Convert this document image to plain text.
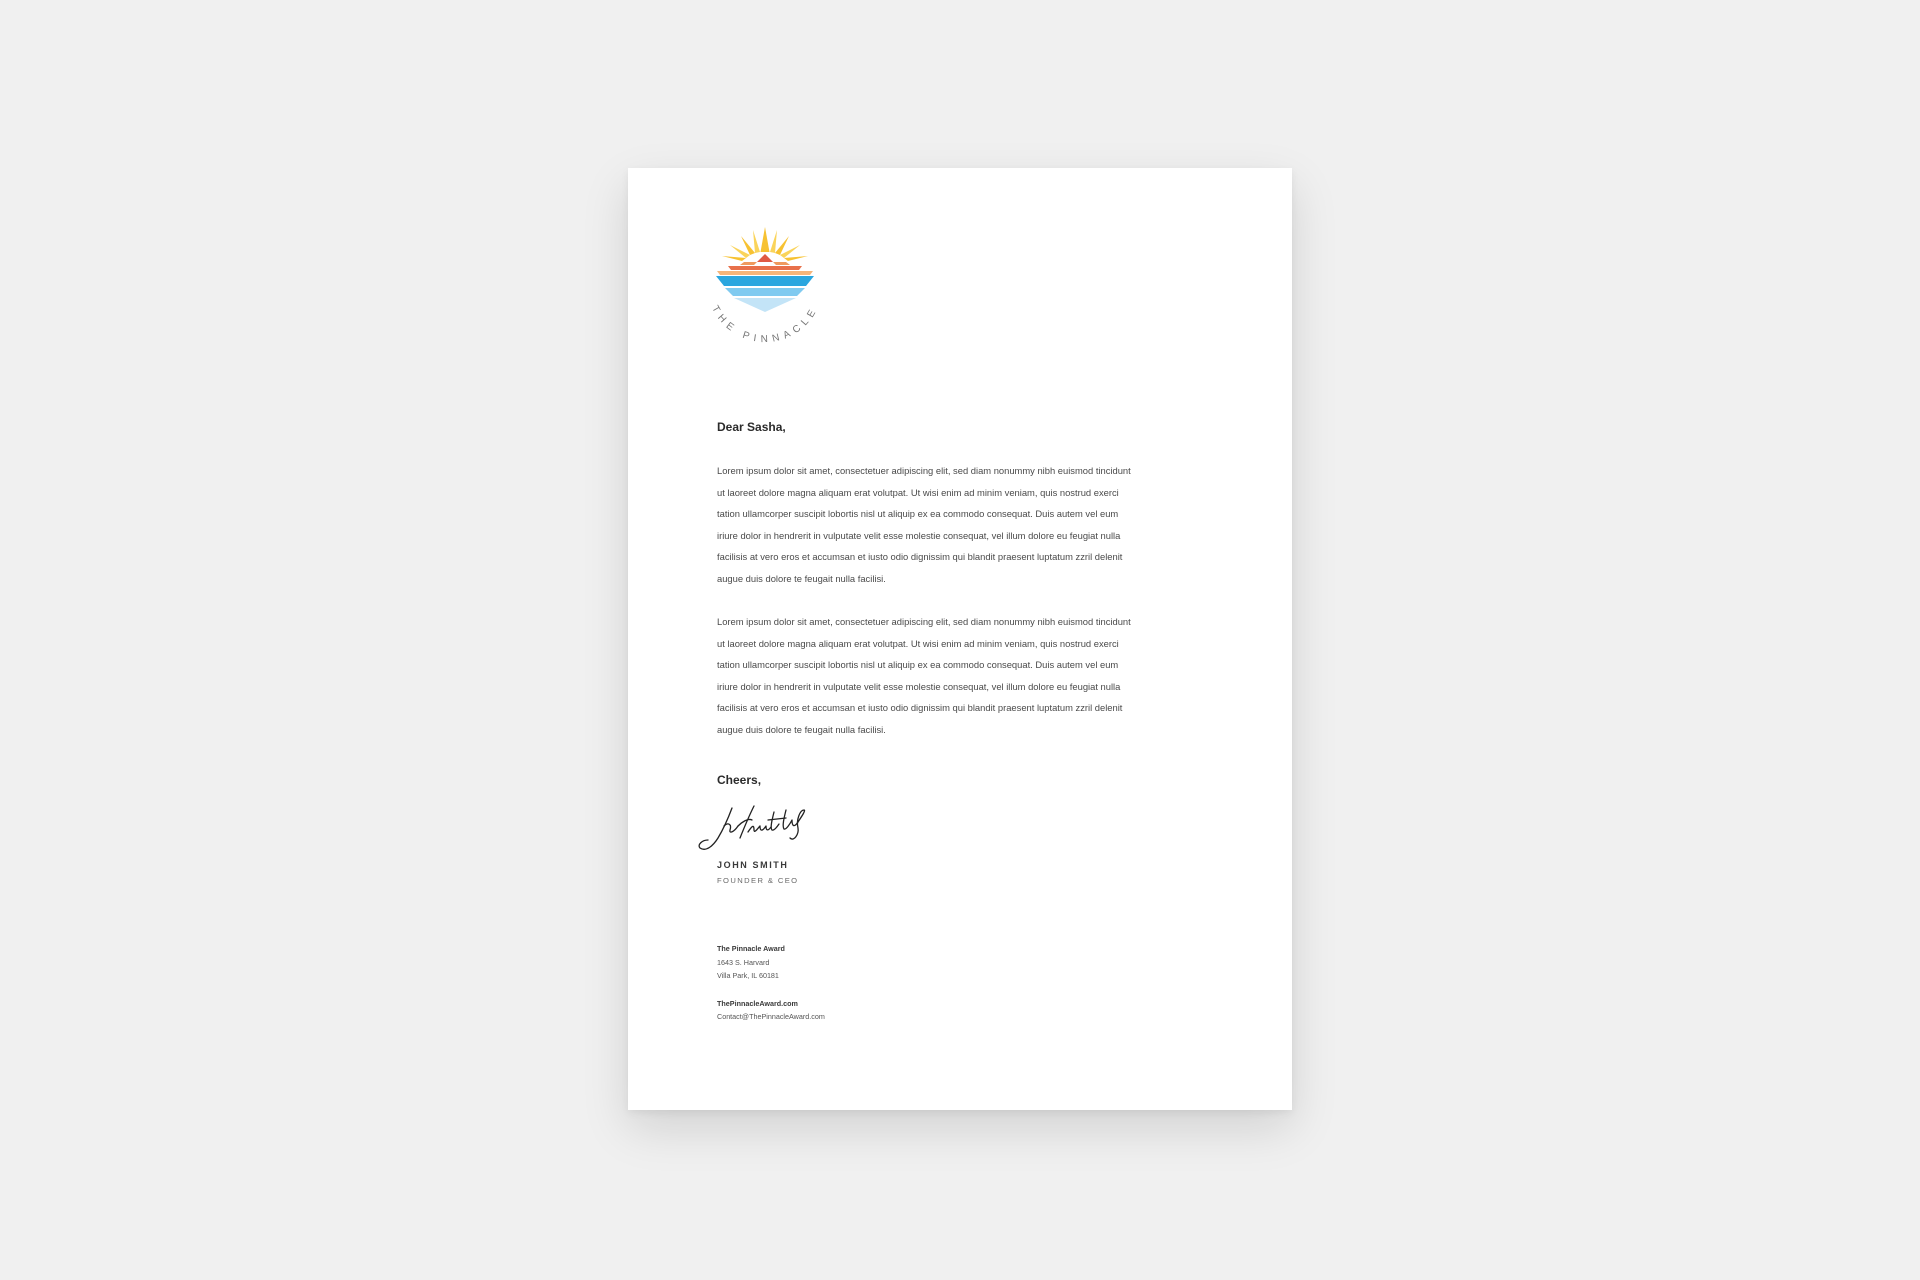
THE PINNACLE
Dear Sasha,

Lorem ipsum dolor sit amet, consectetuer adipiscing elit, sed diam nonummy nibh euismod tincidunt ut laoreet dolore magna aliquam erat volutpat. Ut wisi enim ad minim veniam, quis nostrud exerci tation ullamcorper suscipit lobortis nisl ut aliquip ex ea commodo consequat. Duis autem vel eum iriure dolor in hendrerit in vulputate velit esse molestie consequat, vel illum dolore eu feugiat nulla facilisis at vero eros et accumsan et iusto odio dignissim qui blandit praesent luptatum zzril delenit augue duis dolore te feugait nulla facilisi.

Lorem ipsum dolor sit amet, consectetuer adipiscing elit, sed diam nonummy nibh euismod tincidunt ut laoreet dolore magna aliquam erat volutpat. Ut wisi enim ad minim veniam, quis nostrud exerci tation ullamcorper suscipit lobortis nisl ut aliquip ex ea commodo consequat. Duis autem vel eum iriure dolor in hendrerit in vulputate velit esse molestie consequat, vel illum dolore eu feugiat nulla facilisis at vero eros et accumsan et iusto odio dignissim qui blandit praesent luptatum zzril delenit augue duis dolore te feugait nulla facilisi.

Cheers,
JOHN SMITH
FOUNDER & CEO
The Pinnacle Award
1643 S. Harvard
Villa Park, IL 60181
ThePinnacleAward.com
Contact@ThePinnacleAward.com
